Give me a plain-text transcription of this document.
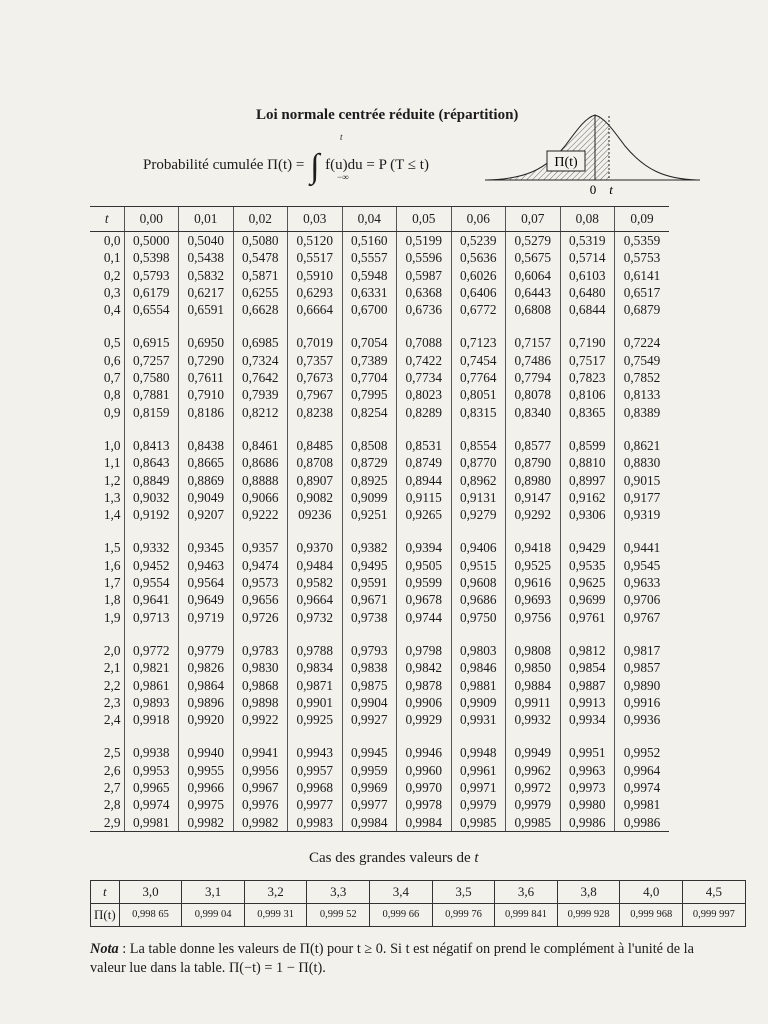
Loi normale centrée réduite (répartition)
Probabilité cumulée Π(t) = ∫
t
−∞
f(u)du = P (T ≤ t)	Π(t)
0 t
t	0,00	0,01	0,02	0,03	0,04	0,05	0,06	0,07	0,08	0,09
0,0	0,5000	0,5040	0,5080	0,5120	0,5160	0,5199	0,5239	0,5279	0,5319	0,5359
0,1	0,5398	0,5438	0,5478	0,5517	0,5557	0,5596	0,5636	0,5675	0,5714	0,5753
0,2	0,5793	0,5832	0,5871	0,5910	0,5948	0,5987	0,6026	0,6064	0,6103	0,6141
0,3	0,6179	0,6217	0,6255	0,6293	0,6331	0,6368	0,6406	0,6443	0,6480	0,6517
0,4	0,6554	0,6591	0,6628	0,6664	0,6700	0,6736	0,6772	0,6808	0,6844	0,6879

0,5	0,6915	0,6950	0,6985	0,7019	0,7054	0,7088	0,7123	0,7157	0,7190	0,7224
0,6	0,7257	0,7290	0,7324	0,7357	0,7389	0,7422	0,7454	0,7486	0,7517	0,7549
0,7	0,7580	0,7611	0,7642	0,7673	0,7704	0,7734	0,7764	0,7794	0,7823	0,7852
0,8	0,7881	0,7910	0,7939	0,7967	0,7995	0,8023	0,8051	0,8078	0,8106	0,8133
0,9	0,8159	0,8186	0,8212	0,8238	0,8254	0,8289	0,8315	0,8340	0,8365	0,8389

1,0	0,8413	0,8438	0,8461	0,8485	0,8508	0,8531	0,8554	0,8577	0,8599	0,8621
1,1	0,8643	0,8665	0,8686	0,8708	0,8729	0,8749	0,8770	0,8790	0,8810	0,8830
1,2	0,8849	0,8869	0,8888	0,8907	0,8925	0,8944	0,8962	0,8980	0,8997	0,9015
1,3	0,9032	0,9049	0,9066	0,9082	0,9099	0,9115	0,9131	0,9147	0,9162	0,9177
1,4	0,9192	0,9207	0,9222	09236	0,9251	0,9265	0,9279	0,9292	0,9306	0,9319

1,5	0,9332	0,9345	0,9357	0,9370	0,9382	0,9394	0,9406	0,9418	0,9429	0,9441
1,6	0,9452	0,9463	0,9474	0,9484	0,9495	0,9505	0,9515	0,9525	0,9535	0,9545
1,7	0,9554	0,9564	0,9573	0,9582	0,9591	0,9599	0,9608	0,9616	0,9625	0,9633
1,8	0,9641	0,9649	0,9656	0,9664	0,9671	0,9678	0,9686	0,9693	0,9699	0,9706
1,9	0,9713	0,9719	0,9726	0,9732	0,9738	0,9744	0,9750	0,9756	0,9761	0,9767

2,0	0,9772	0,9779	0,9783	0,9788	0,9793	0,9798	0,9803	0,9808	0,9812	0,9817
2,1	0,9821	0,9826	0,9830	0,9834	0,9838	0,9842	0,9846	0,9850	0,9854	0,9857
2,2	0,9861	0,9864	0,9868	0,9871	0,9875	0,9878	0,9881	0,9884	0,9887	0,9890
2,3	0,9893	0,9896	0,9898	0,9901	0,9904	0,9906	0,9909	0,9911	0,9913	0,9916
2,4	0,9918	0,9920	0,9922	0,9925	0,9927	0,9929	0,9931	0,9932	0,9934	0,9936

2,5	0,9938	0,9940	0,9941	0,9943	0,9945	0,9946	0,9948	0,9949	0,9951	0,9952
2,6	0,9953	0,9955	0,9956	0,9957	0,9959	0,9960	0,9961	0,9962	0,9963	0,9964
2,7	0,9965	0,9966	0,9967	0,9968	0,9969	0,9970	0,9971	0,9972	0,9973	0,9974
2,8	0,9974	0,9975	0,9976	0,9977	0,9977	0,9978	0,9979	0,9979	0,9980	0,9981
2,9	0,9981	0,9982	0,9982	0,9983	0,9984	0,9984	0,9985	0,9985	0,9986	0,9986
Cas des grandes valeurs de t
t	3,0	3,1	3,2	3,3	3,4	3,5	3,6	3,8	4,0	4,5
Π(t)	0,998 65	0,999 04	0,999 31	0,999 52	0,999 66	0,999 76	0,999 841	0,999 928	0,999 968	0,999 997
Nota : La table donne les valeurs de Π(t) pour t ≥ 0. Si t est négatif on prend le complément à l'unité de la valeur lue dans la table. Π(−t) = 1 − Π(t).
